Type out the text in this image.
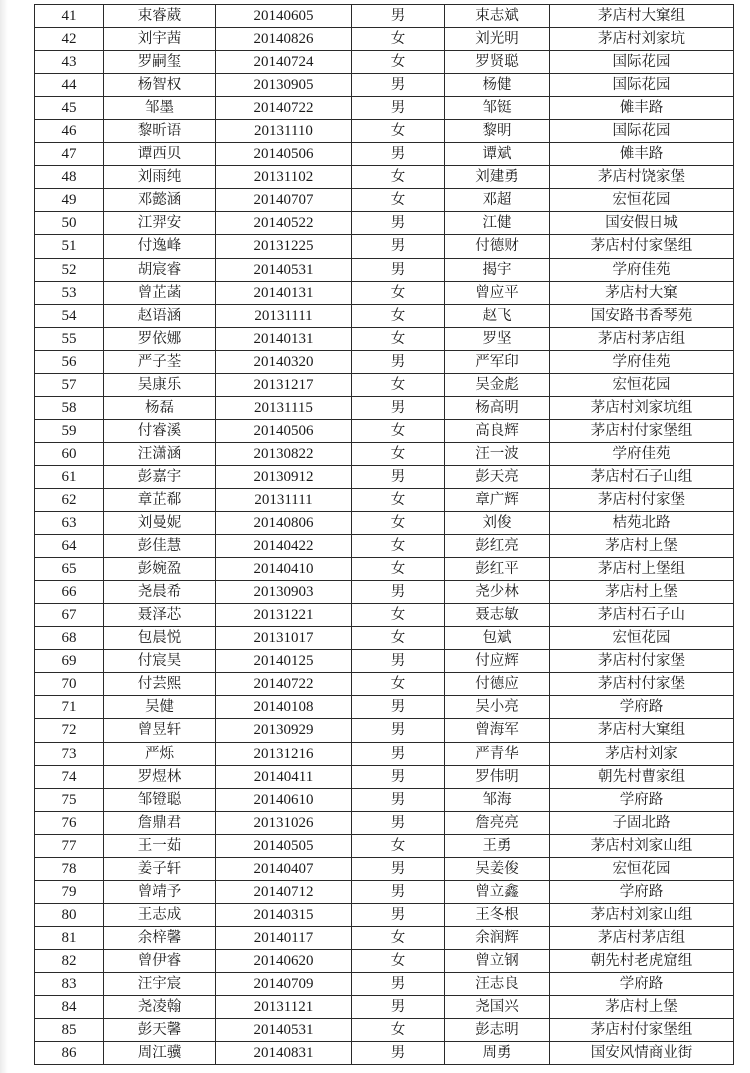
41	束睿葳	20140605	男	束志斌	茅店村大窠组
42	刘宇茜	20140826	女	刘光明	茅店村刘家坑
43	罗嗣玺	20140724	女	罗贤聪	国际花园
44	杨智权	20130905	男	杨健	国际花园
45	邹墨	20140722	男	邹铤	傩丰路
46	黎昕语	20131110	女	黎明	国际花园
47	谭西贝	20140506	男	谭斌	傩丰路
48	刘雨纯	20131102	女	刘建勇	茅店村饶家堡
49	邓懿涵	20140707	女	邓超	宏恒花园
50	江羿安	20140522	男	江健	国安假日城
51	付逸峰	20131225	男	付德财	茅店村付家堡组
52	胡宸睿	20140531	男	揭宇	学府佳苑
53	曾芷菡	20140131	女	曾应平	茅店村大窠
54	赵语涵	20131111	女	赵飞	国安路书香琴苑
55	罗依娜	20140131	女	罗坚	茅店村茅店组
56	严子荃	20140320	男	严军印	学府佳苑
57	吴康乐	20131217	女	吴金彪	宏恒花园
58	杨磊	20131115	男	杨高明	茅店村刘家坑组
59	付睿溪	20140506	女	高良辉	茅店村付家堡组
60	汪潇涵	20130822	女	汪一波	学府佳苑
61	彭嘉宇	20130912	男	彭天亮	茅店村石子山组
62	章芷郗	20131111	女	章广辉	茅店村付家堡
63	刘曼妮	20140806	女	刘俊	桔苑北路
64	彭佳慧	20140422	女	彭红亮	茅店村上堡
65	彭婉盈	20140410	女	彭红平	茅店村上堡组
66	尧晨希	20130903	男	尧少林	茅店村上堡
67	聂泽芯	20131221	女	聂志敏	茅店村石子山
68	包晨悦	20131017	女	包斌	宏恒花园
69	付宸昊	20140125	男	付应辉	茅店村付家堡
70	付芸熙	20140722	女	付德应	茅店村付家堡
71	吴健	20140108	男	吴小亮	学府路
72	曾昱轩	20130929	男	曾海军	茅店村大窠组
73	严烁	20131216	男	严青华	茅店村刘家
74	罗煜林	20140411	男	罗伟明	朝先村曹家组
75	邹镫聪	20140610	男	邹海	学府路
76	詹鼎君	20131026	男	詹亮亮	子固北路
77	王一茹	20140505	女	王勇	茅店村刘家山组
78	姜子轩	20140407	男	吴姜俊	宏恒花园
79	曾靖予	20140712	男	曾立鑫	学府路
80	王志成	20140315	男	王冬根	茅店村刘家山组
81	余梓馨	20140117	女	余润辉	茅店村茅店组
82	曾伊睿	20140620	女	曾立钢	朝先村老虎窟组
83	汪宇宸	20140709	男	汪志良	学府路
84	尧凌翰	20131121	男	尧国兴	茅店村上堡
85	彭天馨	20140531	女	彭志明	茅店村付家堡组
86	周江骥	20140831	男	周勇	国安风情商业街
